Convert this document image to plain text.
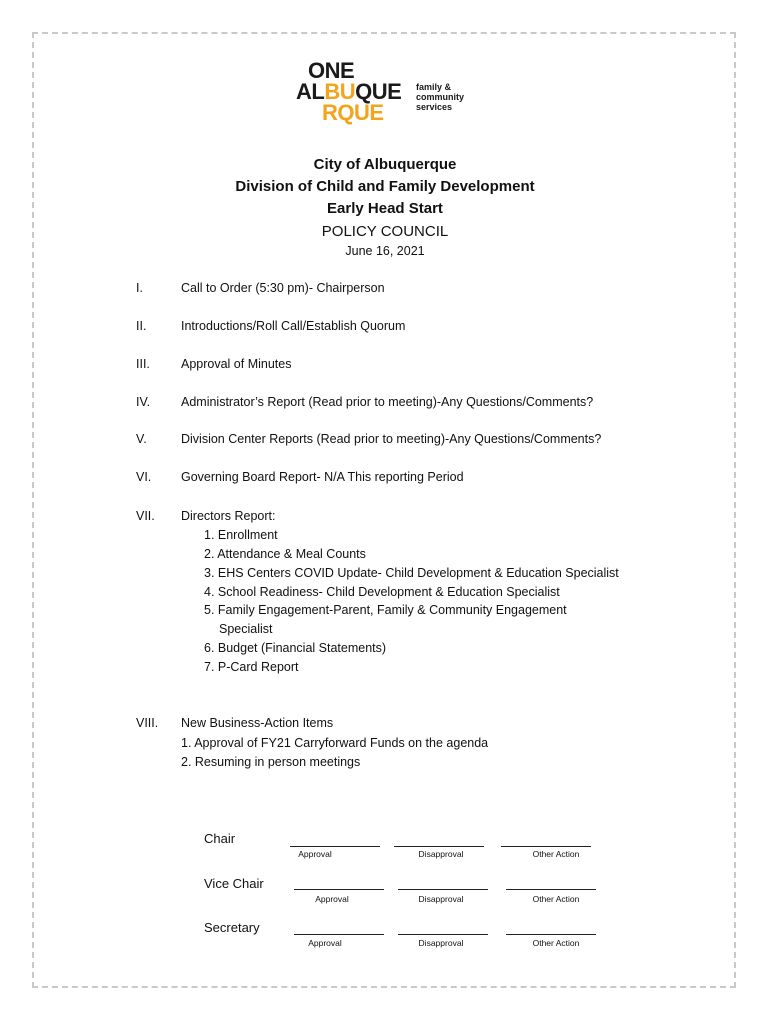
ONE
ALBUQUE
RQUE
family &
community
services
City of Albuquerque
Division of Child and Family Development
Early Head Start
POLICY COUNCIL
June 16, 2021
I.	Call to Order (5:30 pm)- Chairperson
II.	Introductions/Roll Call/Establish Quorum
III. Approval of Minutes
IV. Administrator’s Report (Read prior to meeting)-Any Questions/Comments?
V.	Division Center Reports (Read prior to meeting)-Any Questions/Comments?
VI. Governing Board Report- N/A This reporting Period
VII. Directors Report:
1. Enrollment
2. Attendance & Meal Counts
3. EHS Centers COVID Update- Child Development & Education Specialist
4. School Readiness- Child Development & Education Specialist
5. Family Engagement-Parent, Family & Community Engagement
Specialist
6. Budget (Financial Statements)
7. P-Card Report
VIII. New Business-Action Items
1. Approval of FY21 Carryforward Funds on the agenda
2. Resuming in person meetings
Chair
Approval	Disapproval	Other Action
Vice Chair
Approval	Disapproval	Other Action
Secretary
Approval	Disapproval	Other Action
